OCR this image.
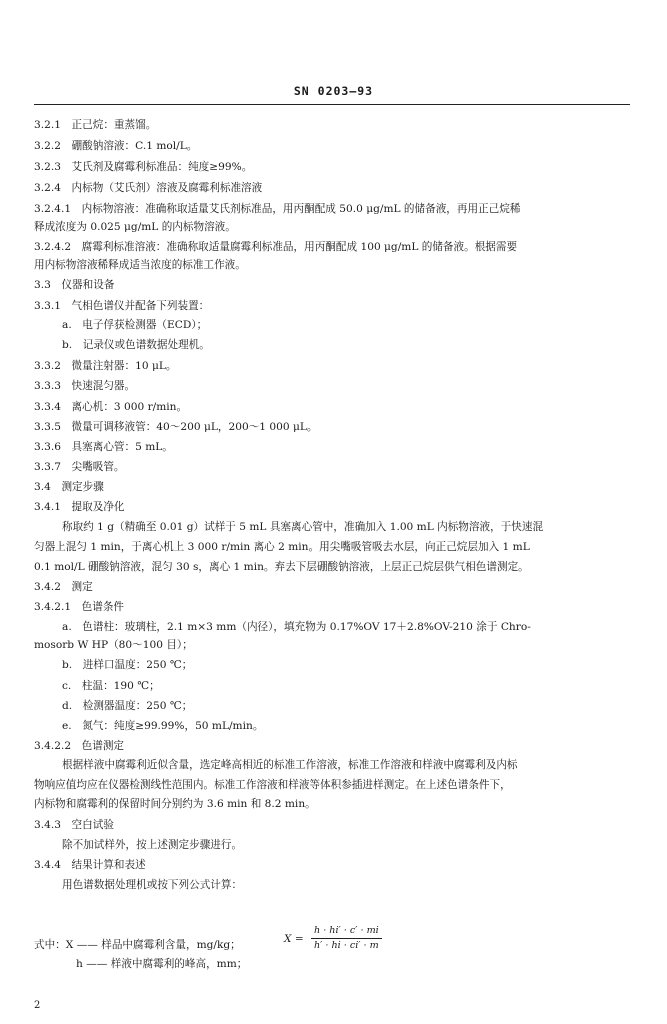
SN 0203—93
3.2.1　正己烷：重蒸馏。
3.2.2　硼酸钠溶液：C.1 mol/L。
3.2.3　艾氏剂及腐霉利标准品：纯度≥99%。
3.2.4　内标物（艾氏剂）溶液及腐霉利标准溶液
3.2.4.1　内标物溶液：准确称取适量艾氏剂标准品，用丙酮配成 50.0 μg/mL 的储备液，再用正己烷稀
释成浓度为 0.025 μg/mL 的内标物溶液。
3.2.4.2　腐霉利标准溶液：准确称取适量腐霉利标准品，用丙酮配成 100 μg/mL 的储备液。根据需要
用内标物溶液稀释成适当浓度的标准工作液。
3.3　仪器和设备
3.3.1　气相色谱仪并配备下列装置：
a.　电子俘获检测器（ECD）；
b.　记录仪或色谱数据处理机。
3.3.2　微量注射器：10 μL。
3.3.3　快速混匀器。
3.3.4　离心机：3 000 r/min。
3.3.5　微量可调移液管：40～200 μL，200～1 000 μL。
3.3.6　具塞离心管：5 mL。
3.3.7　尖嘴吸管。
3.4　测定步骤
3.4.1　提取及净化
称取约 1 g（精确至 0.01 g）试样于 5 mL 具塞离心管中，准确加入 1.00 mL 内标物溶液，于快速混
匀器上混匀 1 min，于离心机上 3 000 r/min 离心 2 min。用尖嘴吸管吸去水层，向正己烷层加入 1 mL
0.1 mol/L 硼酸钠溶液，混匀 30 s，离心 1 min。弃去下层硼酸钠溶液，上层正己烷层供气相色谱测定。
3.4.2　测定
3.4.2.1　色谱条件
a.　色谱柱：玻璃柱，2.1 m×3 mm（内径），填充物为 0.17%OV 17＋2.8%OV-210 涂于 Chro-
mosorb W HP（80～100 目）；
b.　进样口温度：250 ℃；
c.　柱温：190 ℃；
d.　检测器温度：250 ℃；
e.　氮气：纯度≥99.99%，50 mL/min。
3.4.2.2　色谱测定
根据样液中腐霉利近似含量，选定峰高相近的标准工作溶液，标准工作溶液和样液中腐霉利及内标
物响应值均应在仪器检测线性范围内。标准工作溶液和样液等体积参插进样测定。在上述色谱条件下，
内标物和腐霉利的保留时间分别约为 3.6 min 和 8.2 min。
3.4.3　空白试验
除不加试样外，按上述测定步骤进行。
3.4.4　结果计算和表述
用色谱数据处理机或按下列公式计算：
$X = \frac{h \cdot hi' \cdot c' \cdot mi}{h' \cdot hi \cdot ci' \cdot m}$
式中：X —— 样品中腐霉利含量，mg/kg；
h —— 样液中腐霉利的峰高，mm；
2
